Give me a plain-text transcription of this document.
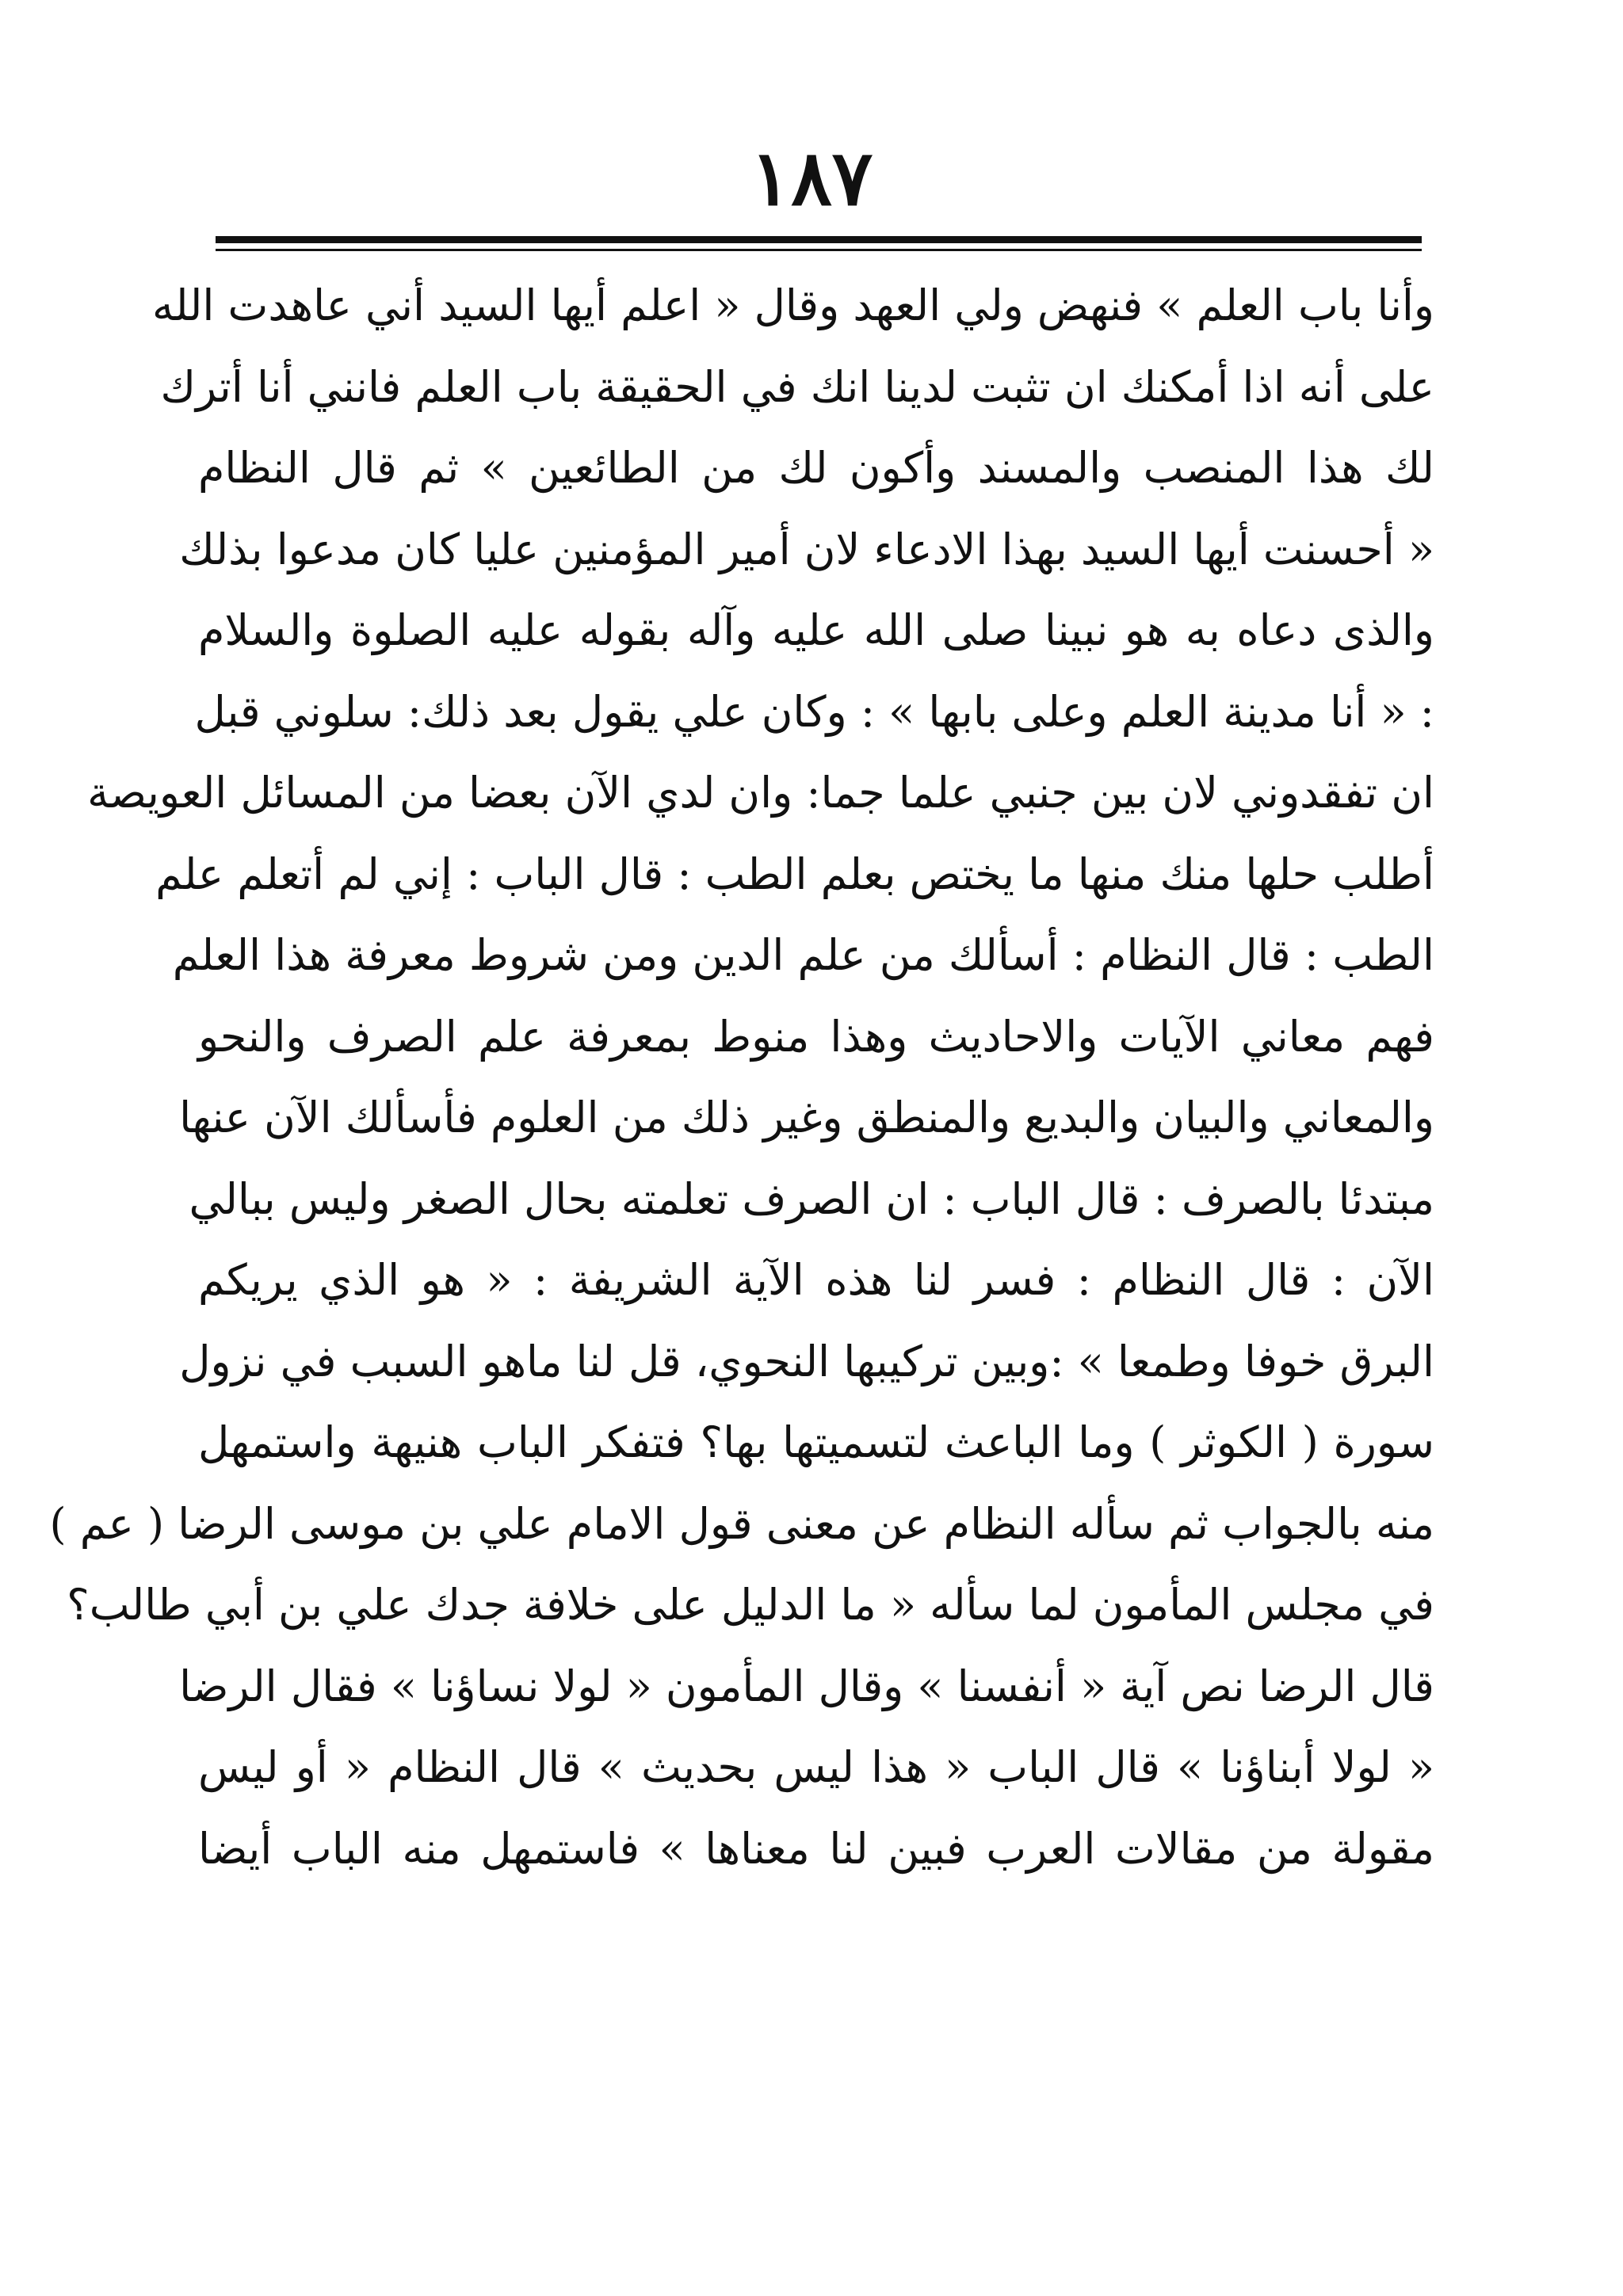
١٨٧
وأنا باب العلم » فنهض ولي العهد وقال « اعلم أيها السيد أني عاهدت الله
على أنه اذا أمكنك ان تثبت لدينا انك في الحقيقة باب العلم فانني أنا أترك
لك هذا المنصب والمسند وأكون لك من الطائعين » ثم قال النظام
« أحسنت أيها السيد بهذا الادعاء لان أمير المؤمنين عليا كان مدعوا بذلك
والذى دعاه به هو نبينا صلى الله عليه وآله بقوله عليه الصلوة والسلام
: « أنا مدينة العلم وعلى بابها » : وكان علي يقول بعد ذلك: سلوني قبل
ان تفقدوني لان بين جنبي علما جما: وان لدي الآن بعضا من المسائل العويصة
أطلب حلها منك منها ما يختص بعلم الطب : قال الباب : إني لم أتعلم علم
الطب : قال النظام : أسألك من علم الدين ومن شروط معرفة هذا العلم
فهم معاني الآيات والاحاديث وهذا منوط بمعرفة علم الصرف والنحو
والمعاني والبيان والبديع والمنطق وغير ذلك من العلوم فأسألك الآن عنها
مبتدئا بالصرف : قال الباب : ان الصرف تعلمته بحال الصغر وليس ببالي
الآن : قال النظام : فسر لنا هذه الآية الشريفة : « هو الذي يريكم
البرق خوفا وطمعا » :وبين تركيبها النحوي، قل لنا ماهو السبب في نزول
سورة ( الكوثر ) وما الباعث لتسميتها بها؟ فتفكر الباب هنيهة واستمهل
منه بالجواب ثم سأله النظام عن معنى قول الامام علي بن موسى الرضا ( عم )
في مجلس المأمون لما سأله « ما الدليل على خلافة جدك علي بن أبي طالب؟
قال الرضا نص آية « أنفسنا » وقال المأمون « لولا نساؤنا » فقال الرضا
« لولا أبناؤنا » قال الباب « هذا ليس بحديث » قال النظام « أو ليس
مقولة من مقالات العرب فبين لنا معناها » فاستمهل منه الباب أيضا
